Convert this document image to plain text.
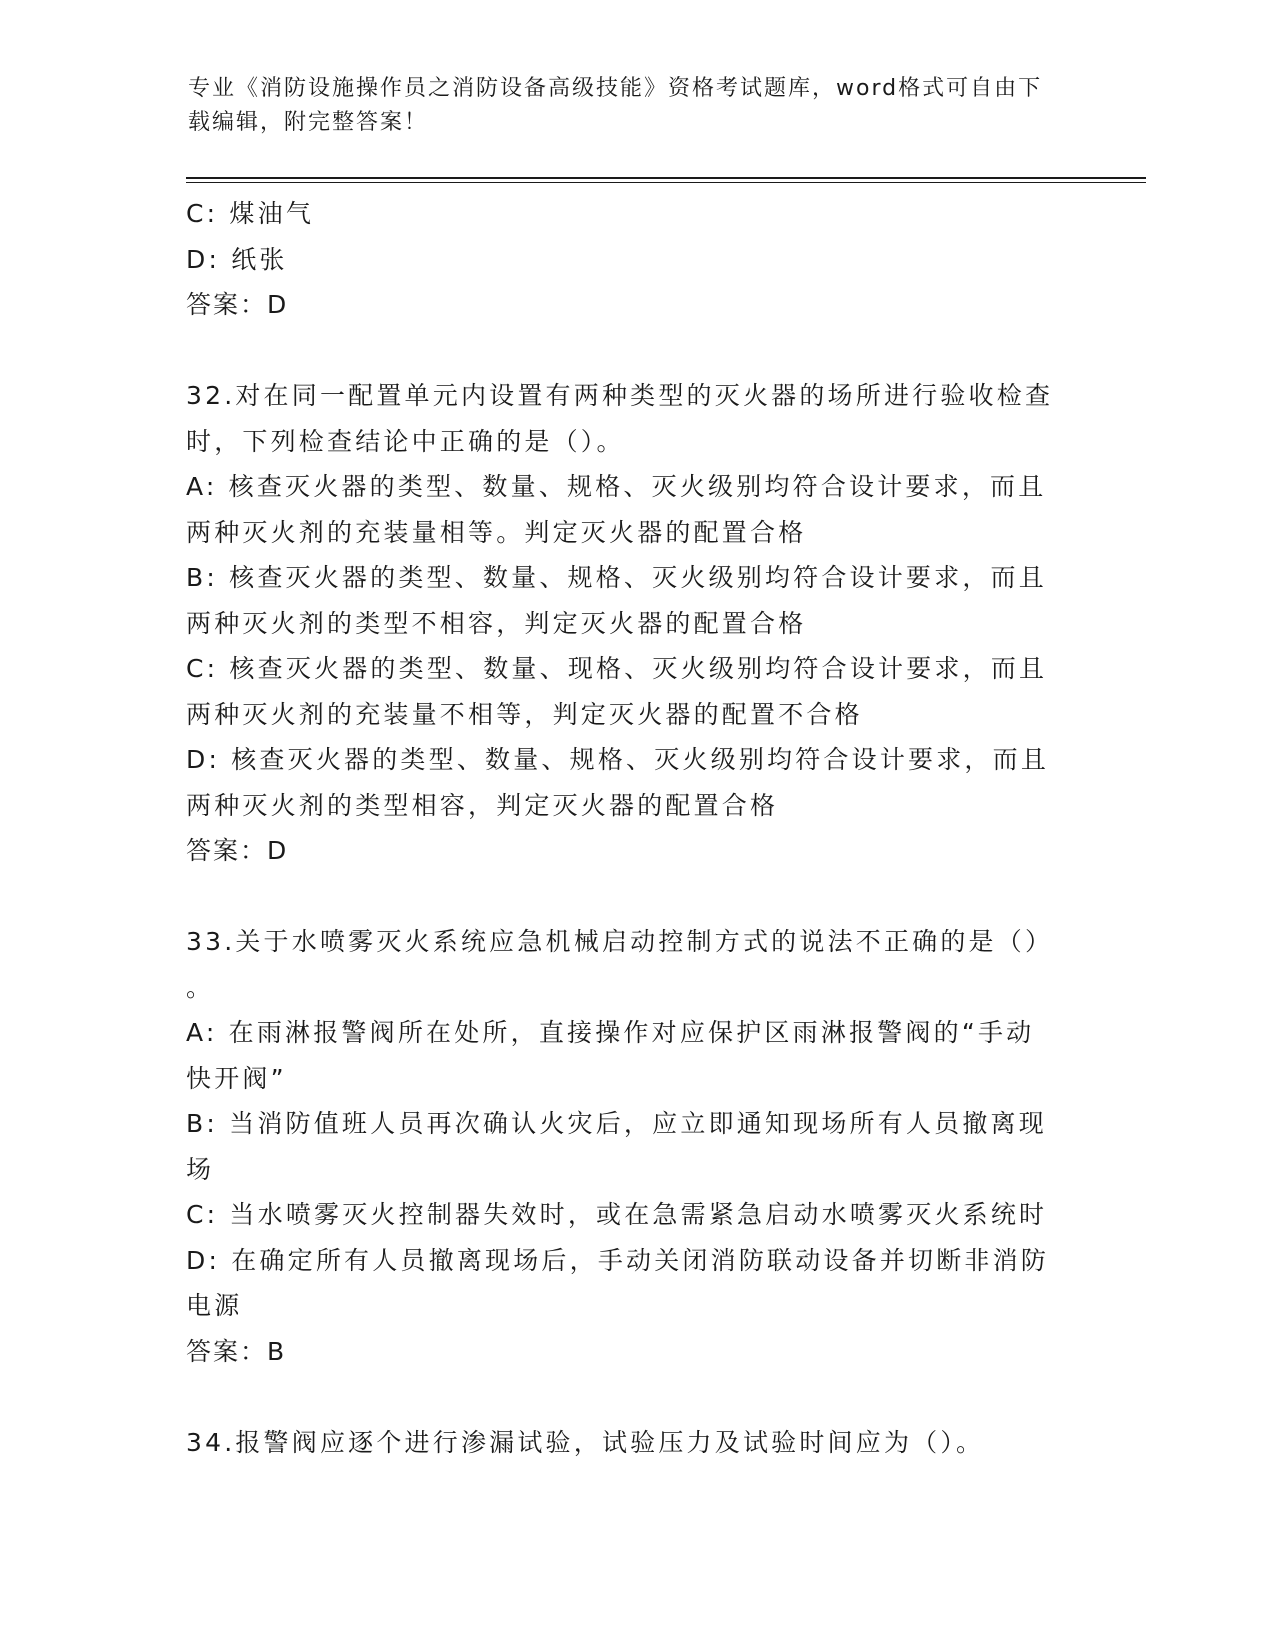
专业《消防设施操作员之消防设备高级技能》资格考试题库，word格式可自由下
载编辑，附完整答案！
C: 煤油气
D: 纸张
答案：D
32.对在同一配置单元内设置有两种类型的灭火器的场所进行验收检查
时，下列检查结论中正确的是（）。
A: 核查灭火器的类型、数量、规格、灭火级别均符合设计要求，而且
两种灭火剂的充装量相等。判定灭火器的配置合格
B: 核查灭火器的类型、数量、规格、灭火级别均符合设计要求，而且
两种灭火剂的类型不相容，判定灭火器的配置合格
C: 核查灭火器的类型、数量、现格、灭火级别均符合设计要求，而且
两种灭火剂的充装量不相等，判定灭火器的配置不合格
D: 核查灭火器的类型、数量、规格、灭火级别均符合设计要求，而且
两种灭火剂的类型相容，判定灭火器的配置合格
答案：D
33.关于水喷雾灭火系统应急机械启动控制方式的说法不正确的是（）
。
A: 在雨淋报警阀所在处所，直接操作对应保护区雨淋报警阀的“手动
快开阀”
B: 当消防值班人员再次确认火灾后，应立即通知现场所有人员撤离现
场
C: 当水喷雾灭火控制器失效时，或在急需紧急启动水喷雾灭火系统时
D: 在确定所有人员撤离现场后，手动关闭消防联动设备并切断非消防
电源
答案：B
34.报警阀应逐个进行渗漏试验，试验压力及试验时间应为（）。
